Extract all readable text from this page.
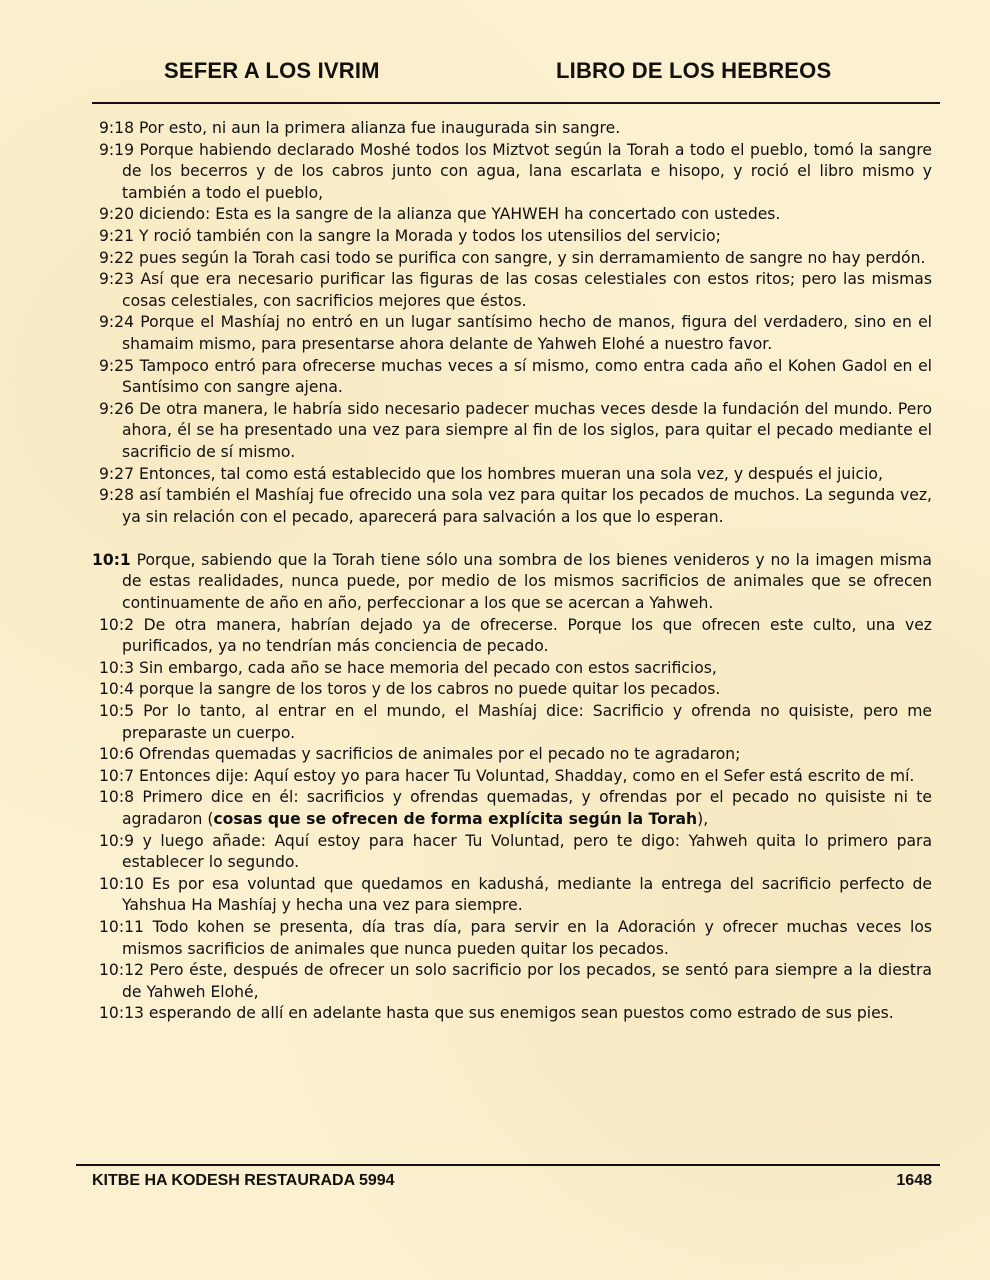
SEFER A LOS IVRIM	LIBRO DE LOS HEBREOS
9:18 Por esto, ni aun la primera alianza fue inaugurada sin sangre.
9:19 Porque habiendo declarado Moshé todos los Miztvot según la Torah a todo el pueblo, tomó la sangre de los becerros y de los cabros junto con agua, lana escarlata e hisopo, y roció el libro mismo y también a todo el pueblo,
9:20 diciendo: Esta es la sangre de la alianza que YAHWEH ha concertado con ustedes.
9:21 Y roció también con la sangre la Morada y todos los utensilios del servicio;
9:22 pues según la Torah casi todo se purifica con sangre, y sin derramamiento de sangre no hay perdón.
9:23 Así que era necesario purificar las figuras de las cosas celestiales con estos ritos; pero las mismas cosas celestiales, con sacrificios mejores que éstos.
9:24 Porque el Mashíaj no entró en un lugar santísimo hecho de manos, figura del verdadero, sino en el shamaim mismo, para presentarse ahora delante de Yahweh Elohé a nuestro favor.
9:25 Tampoco entró para ofrecerse muchas veces a sí mismo, como entra cada año el Kohen Gadol en el Santísimo con sangre ajena.
9:26 De otra manera, le habría sido necesario padecer muchas veces desde la fundación del mundo. Pero ahora, él se ha presentado una vez para siempre al fin de los siglos, para quitar el pecado mediante el sacrificio de sí mismo.
9:27 Entonces, tal como está establecido que los hombres mueran una sola vez, y después el juicio,
9:28 así también el Mashíaj fue ofrecido una sola vez para quitar los pecados de muchos. La segunda vez, ya sin relación con el pecado, aparecerá para salvación a los que lo esperan.
10:1 Porque, sabiendo que la Torah tiene sólo una sombra de los bienes venideros y no la imagen misma de estas realidades, nunca puede, por medio de los mismos sacrificios de animales que se ofrecen continuamente de año en año, perfeccionar a los que se acercan a Yahweh.
10:2 De otra manera, habrían dejado ya de ofrecerse. Porque los que ofrecen este culto, una vez purificados, ya no tendrían más conciencia de pecado.
10:3 Sin embargo, cada año se hace memoria del pecado con estos sacrificios,
10:4 porque la sangre de los toros y de los cabros no puede quitar los pecados.
10:5 Por lo tanto, al entrar en el mundo, el Mashíaj dice: Sacrificio y ofrenda no quisiste, pero me preparaste un cuerpo.
10:6 Ofrendas quemadas y sacrificios de animales por el pecado no te agradaron;
10:7 Entonces dije: Aquí estoy yo para hacer Tu Voluntad, Shadday, como en el Sefer está escrito de mí.
10:8 Primero dice en él: sacrificios y ofrendas quemadas, y ofrendas por el pecado no quisiste ni te agradaron (cosas que se ofrecen de forma explícita según la Torah),
10:9 y luego añade: Aquí estoy para hacer Tu Voluntad, pero te digo: Yahweh quita lo primero para establecer lo segundo.
10:10 Es por esa voluntad que quedamos en kadushá, mediante la entrega del sacrificio perfecto de Yahshua Ha Mashíaj y hecha una vez para siempre.
10:11 Todo kohen se presenta, día tras día, para servir en la Adoración y ofrecer muchas veces los mismos sacrificios de animales que nunca pueden quitar los pecados.
10:12 Pero éste, después de ofrecer un solo sacrificio por los pecados, se sentó para siempre a la diestra de Yahweh Elohé,
10:13 esperando de allí en adelante hasta que sus enemigos sean puestos como estrado de sus pies.
KITBE HA KODESH RESTAURADA 5994	1648
